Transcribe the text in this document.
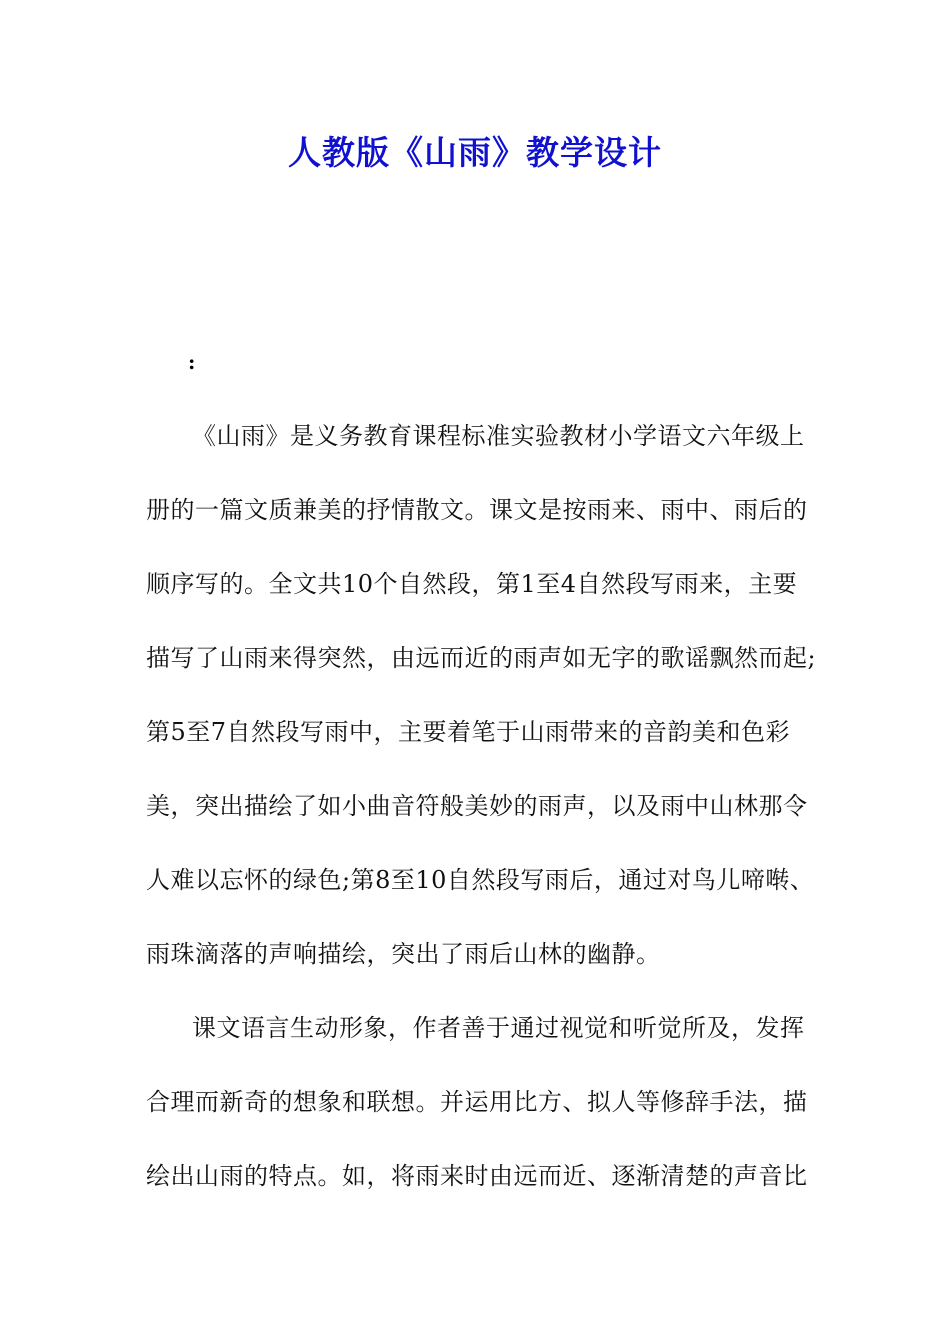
人教版《山雨》教学设计
:
《山雨》是义务教育课程标准实验教材小学语文六年级上
册的一篇文质兼美的抒情散文。课文是按雨来、雨中、雨后的
顺序写的。全文共10个自然段，第1至4自然段写雨来，主要
描写了山雨来得突然，由远而近的雨声如无字的歌谣飘然而起;
第5至7自然段写雨中，主要着笔于山雨带来的音韵美和色彩
美，突出描绘了如小曲音符般美妙的雨声，以及雨中山林那令
人难以忘怀的绿色;第8至10自然段写雨后，通过对鸟儿啼啭、
雨珠滴落的声响描绘，突出了雨后山林的幽静。
课文语言生动形象，作者善于通过视觉和听觉所及，发挥
合理而新奇的想象和联想。并运用比方、拟人等修辞手法，描
绘出山雨的特点。如，将雨来时由远而近、逐渐清楚的声音比
